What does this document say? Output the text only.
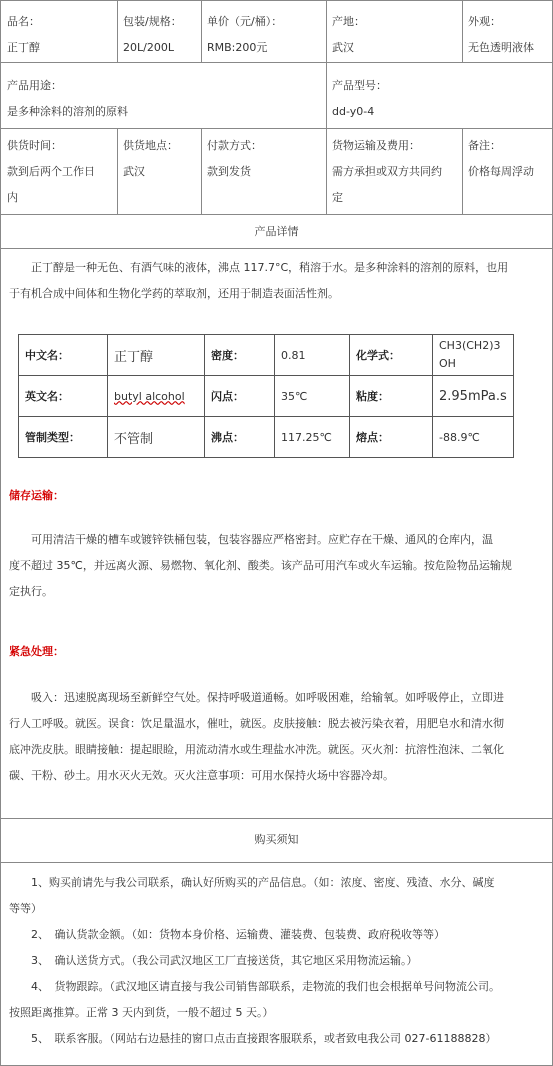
品名：
正丁醇
包装/规格：
20L/200L
单价（元/桶）：
RMB:200元
产地：
武汉
外观：
无色透明液体
产品用途：
是多种涂料的溶剂的原料
产品型号：
dd-y0-4
供货时间：
款到后两个工作日
内
供货地点：
武汉
付款方式：
款到发货
货物运输及费用：
需方承担或双方共同约
定
备注：
价格每周浮动
产品详情
　　正丁醇是一种无色、有酒气味的液体，沸点 117.7°C，稍溶于水。是多种涂料的溶剂的原料，也用
于有机合成中间体和生物化学药的萃取剂，还用于制造表面活性剂。
中文名：	正丁醇	密度：	0.81	化学式：	CH3(CH2)3 OH
英文名：	butyl alcohol	闪点：	35℃	粘度：	2.95mPa.s
管制类型：	不管制	沸点：	117.25℃	熔点：	-88.9℃
储存运输：
　　可用清洁干燥的槽车或镀锌铁桶包装，包装容器应严格密封。应贮存在干燥、通风的仓库内，温
度不超过 35℃，并远离火源、易燃物、氧化剂、酸类。该产品可用汽车或火车运输。按危险物品运输规
定执行。
紧急处理：
　　吸入：迅速脱离现场至新鲜空气处。保持呼吸道通畅。如呼吸困难，给输氧。如呼吸停止，立即进
行人工呼吸。就医。误食：饮足量温水，催吐，就医。皮肤接触：脱去被污染衣着，用肥皂水和清水彻
底冲洗皮肤。眼睛接触：提起眼睑，用流动清水或生理盐水冲洗。就医。灭火剂：抗溶性泡沫、二氧化
碳、干粉、砂土。用水灭火无效。灭火注意事项：可用水保持火场中容器冷却。
购买须知
　　1、购买前请先与我公司联系，确认好所购买的产品信息。（如：浓度、密度、残渣、水分、碱度
等等）
　　2、　确认货款金额。（如：货物本身价格、运输费、灌装费、包装费、政府税收等等）
　　3、　确认送货方式。（我公司武汉地区工厂直接送货，其它地区采用物流运输。）
　　4、　货物跟踪。（武汉地区请直接与我公司销售部联系，走物流的我们也会根据单号问物流公司。
按照距离推算。正常 3 天内到货，一般不超过 5 天。）
　　5、　联系客服。（网站右边悬挂的窗口点击直接跟客服联系，或者致电我公司 027-61188828）
